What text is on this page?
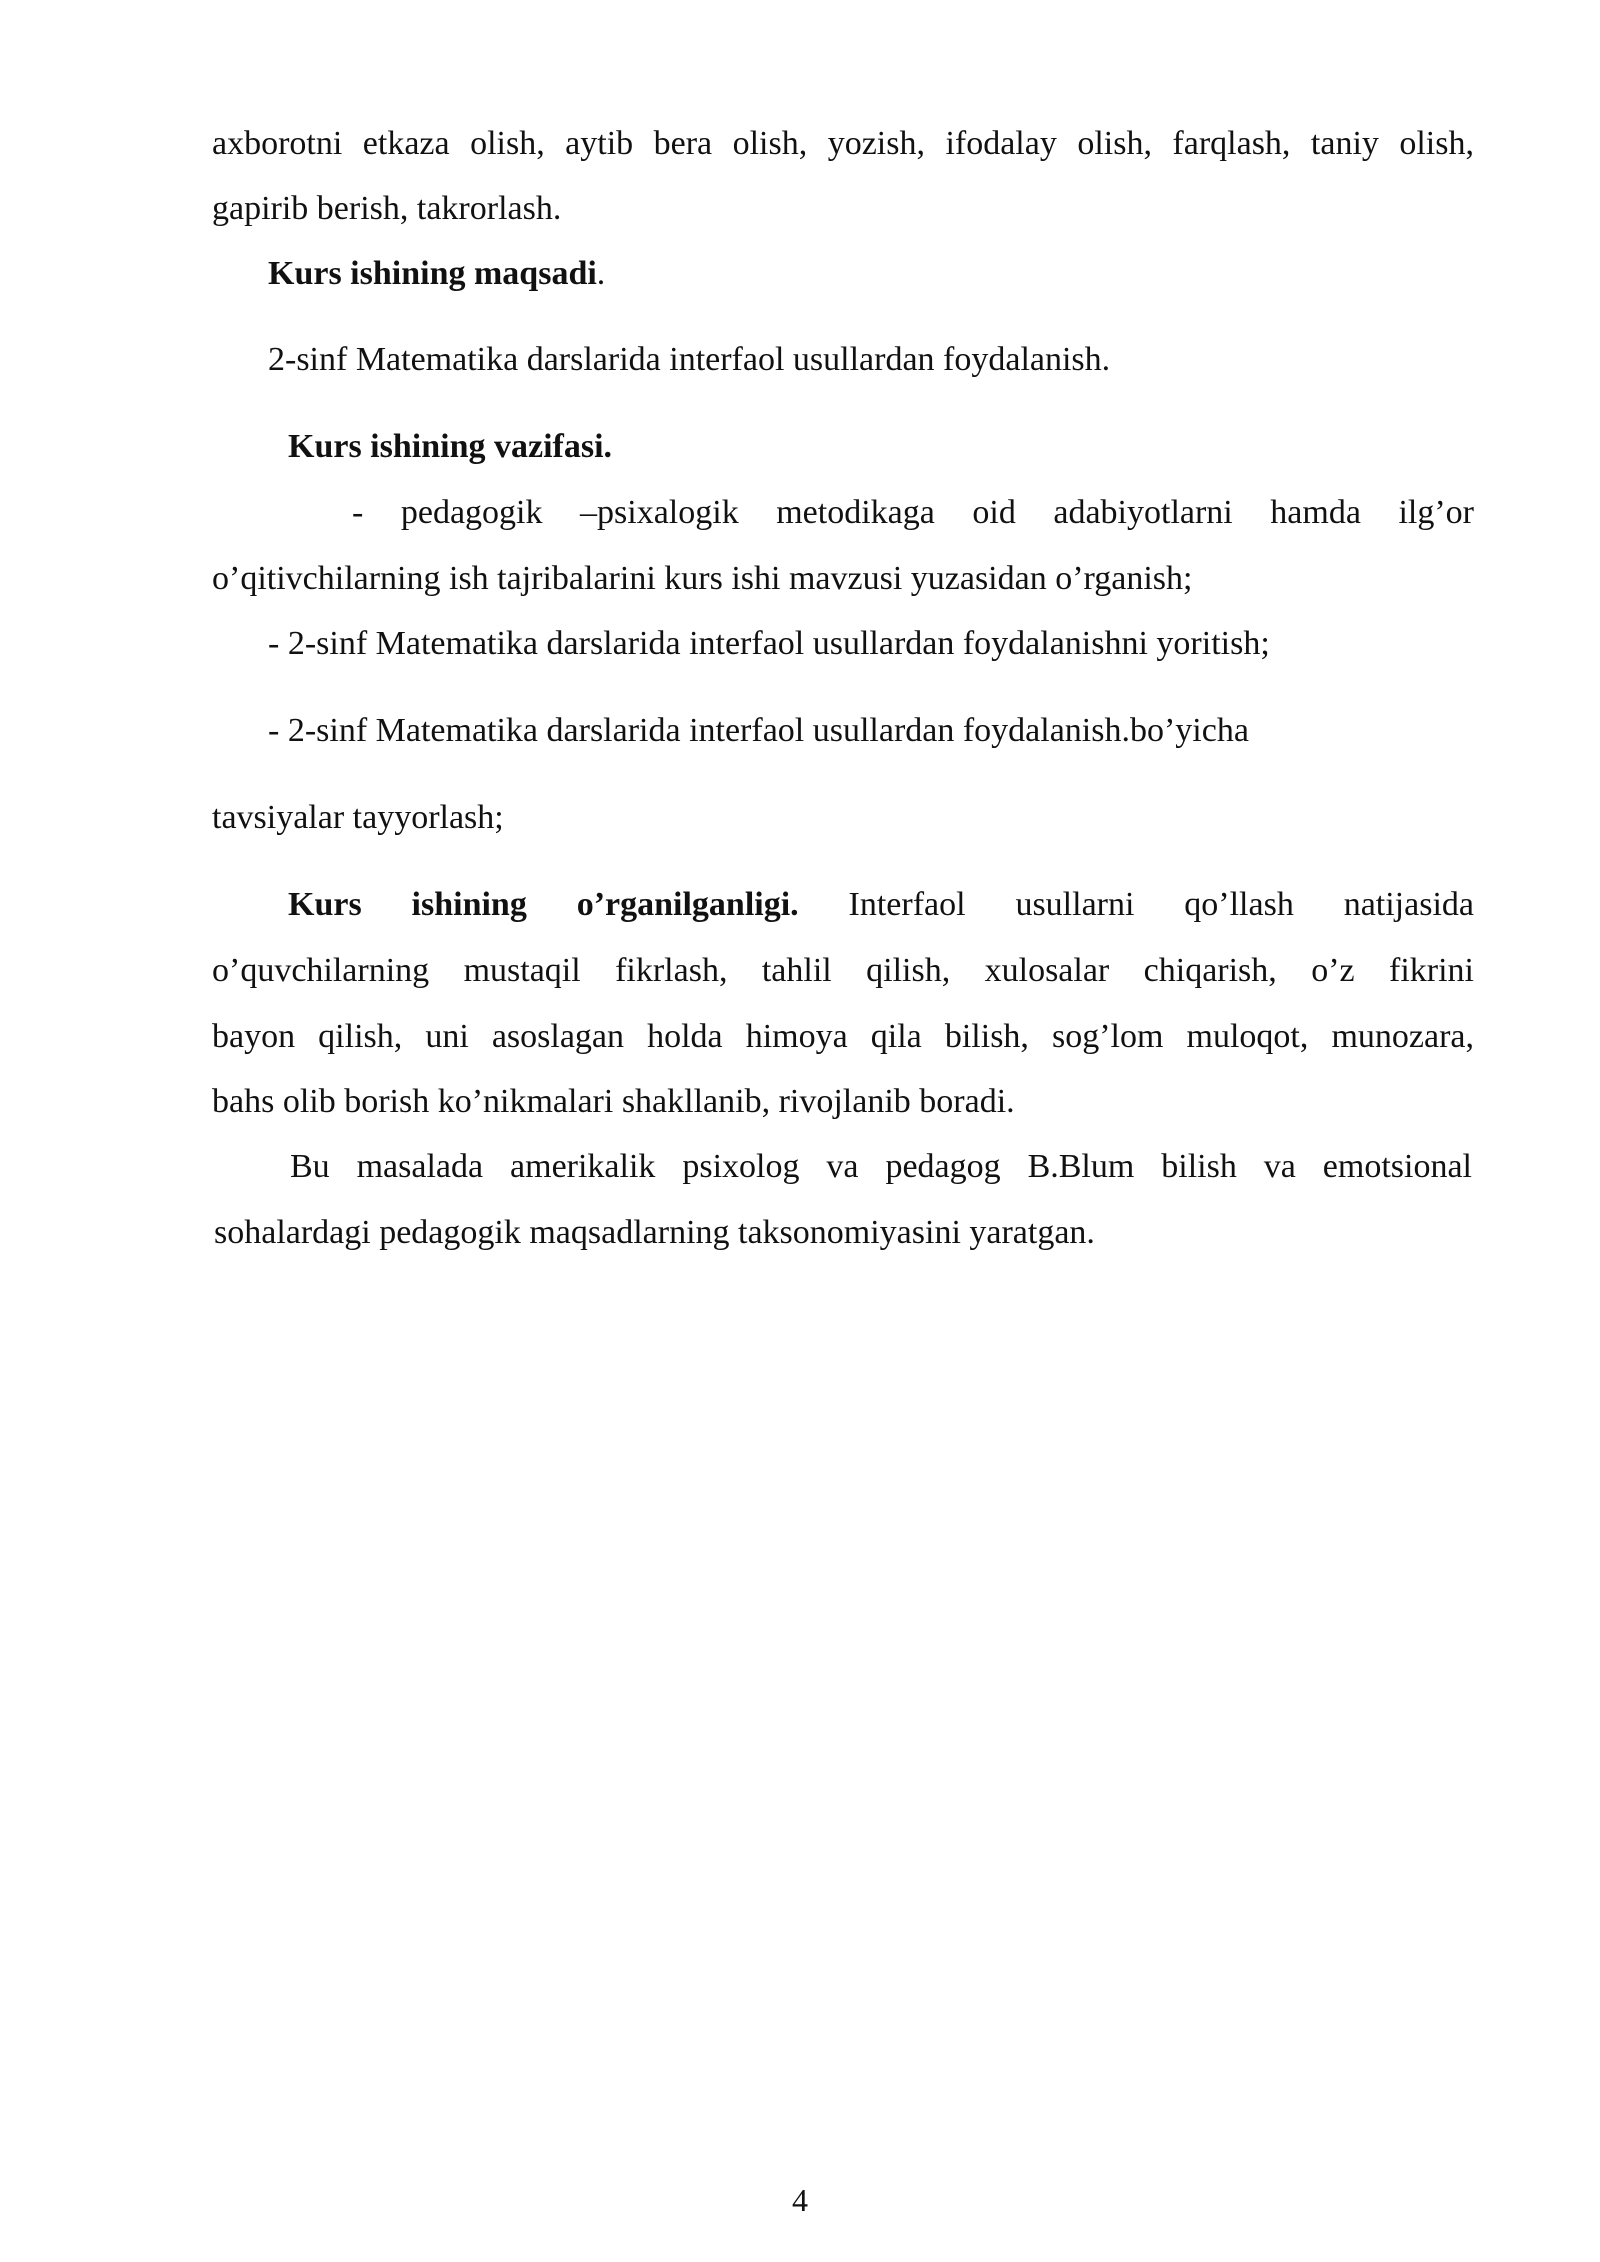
axborotni etkaza olish, aytib bera olish, yozish, ifodalay olish, farqlash, taniy olish,
gapirib berish, takrorlash.
Kurs ishining maqsadi.
2-sinf Matematika darslarida interfaol usullardan foydalanish.
Kurs ishining vazifasi.
- pedagogik –psixalogik metodikaga oid adabiyotlarni hamda ilg’or
o’qitivchilarning ish tajribalarini kurs ishi mavzusi yuzasidan o’rganish;
- 2-sinf Matematika darslarida interfaol usullardan foydalanishni yoritish;
- 2-sinf Matematika darslarida interfaol usullardan foydalanish.bo’yicha
tavsiyalar tayyorlash;
Kurs ishining o’rganilganligi. Interfaol usullarni qo’llash natijasida
o’quvchilarning mustaqil fikrlash, tahlil qilish, xulosalar chiqarish, o’z fikrini
bayon qilish, uni asoslagan holda himoya qila bilish, sog’lom muloqot, munozara,
bahs olib borish ko’nikmalari shakllanib, rivojlanib boradi.
Bu masalada amerikalik psixolog va pedagog B.Blum bilish va emotsional
sohalardagi pedagogik maqsadlarning taksonomiyasini yaratgan.
4
